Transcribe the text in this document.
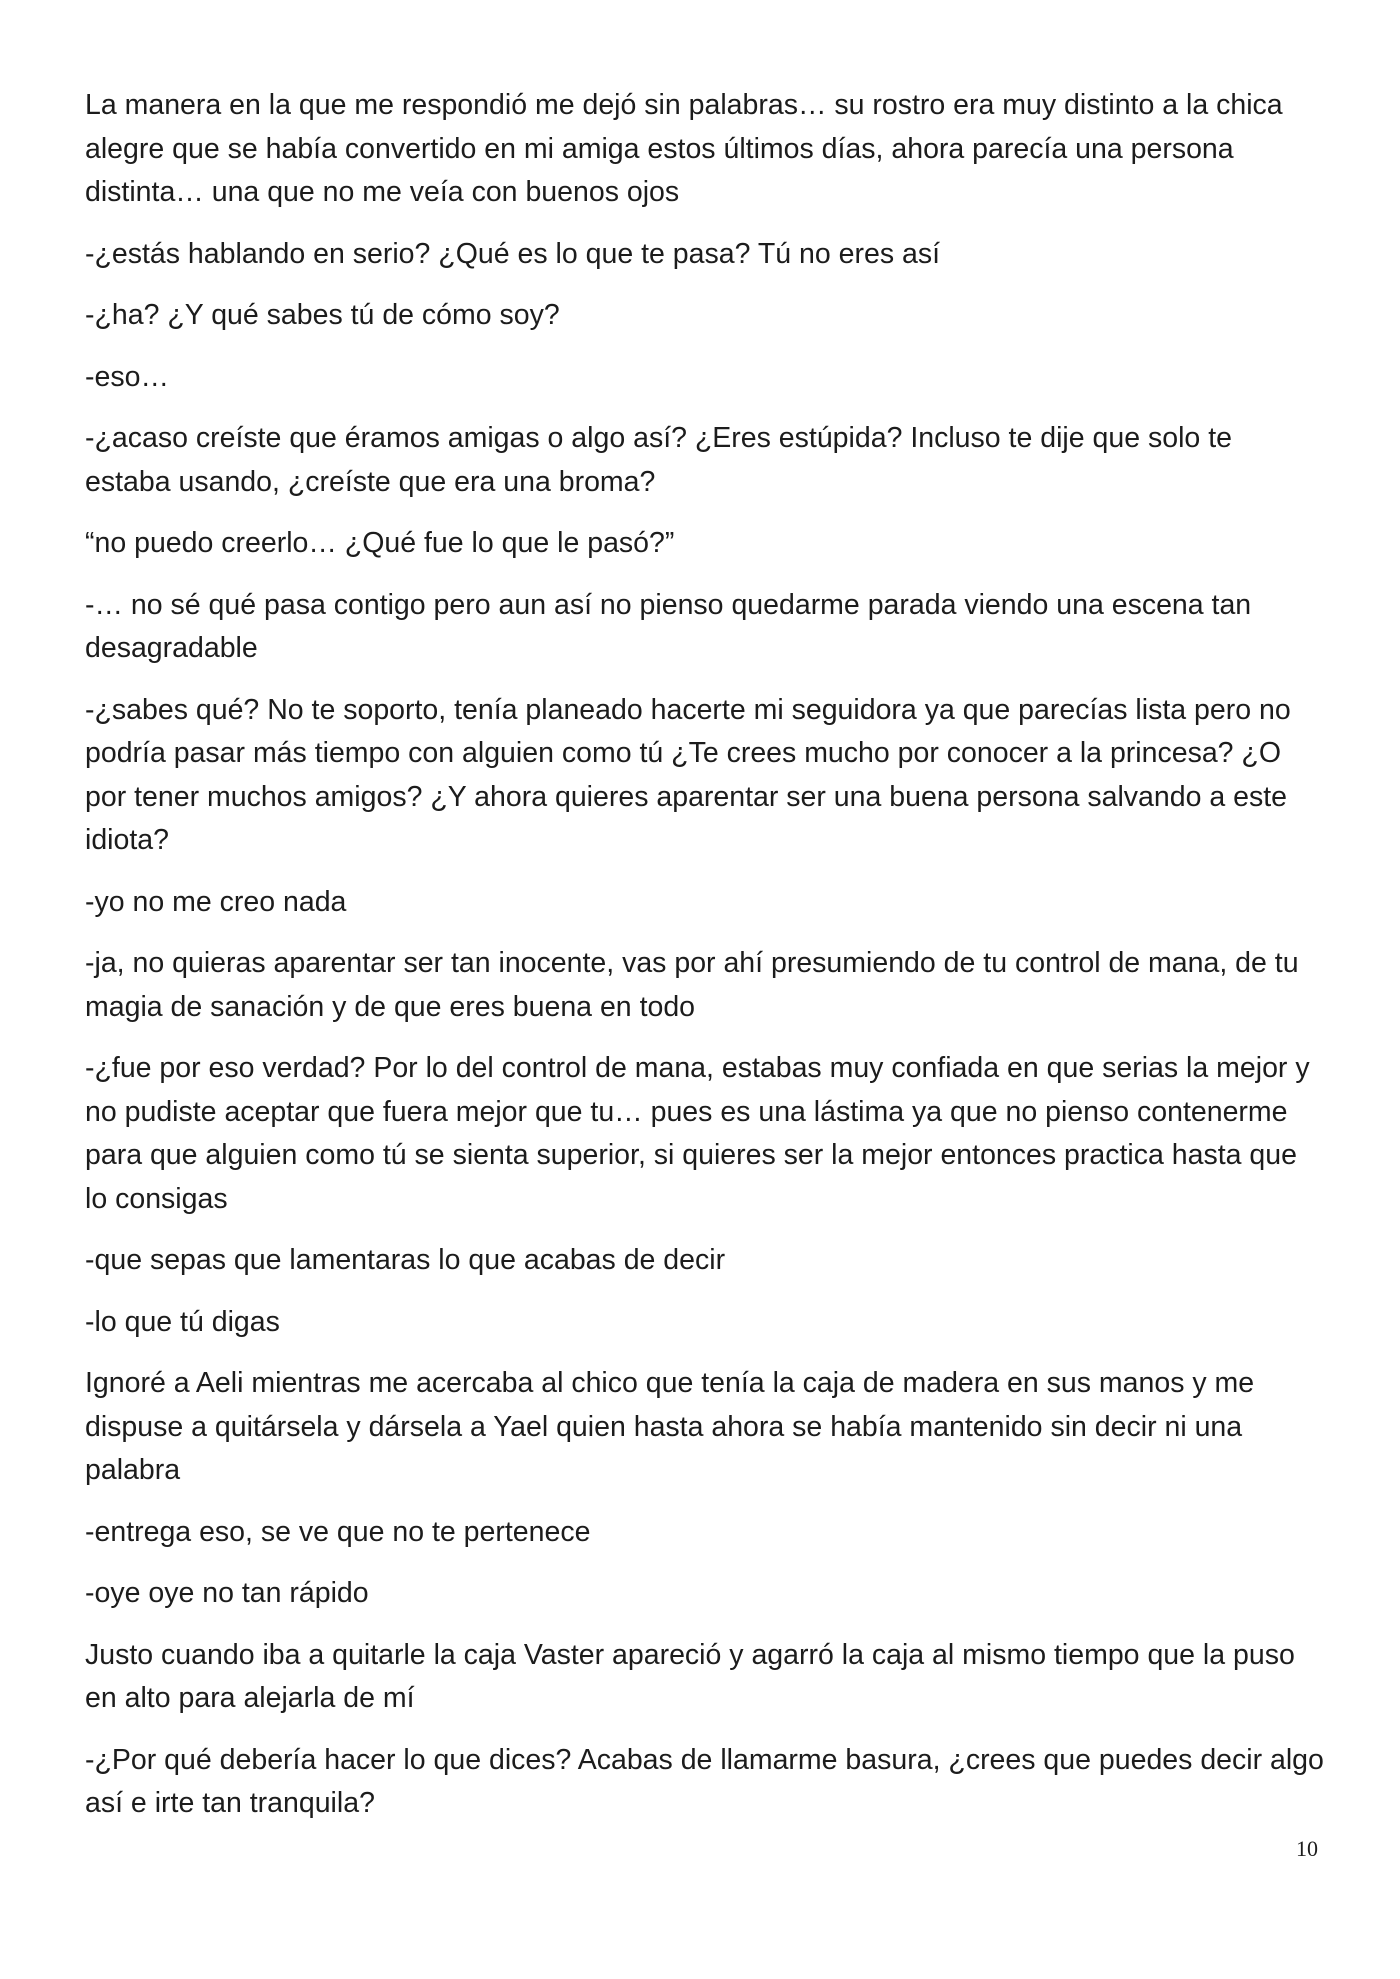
La manera en la que me respondió me dejó sin palabras… su rostro era muy distinto a la chica alegre que se había convertido en mi amiga estos últimos días, ahora parecía una persona distinta… una que no me veía con buenos ojos

-¿estás hablando en serio? ¿Qué es lo que te pasa? Tú no eres así

-¿ha? ¿Y qué sabes tú de cómo soy?

-eso…

-¿acaso creíste que éramos amigas o algo así? ¿Eres estúpida? Incluso te dije que solo te estaba usando, ¿creíste que era una broma?

“no puedo creerlo… ¿Qué fue lo que le pasó?”

-… no sé qué pasa contigo pero aun así no pienso quedarme parada viendo una escena tan desagradable

-¿sabes qué? No te soporto, tenía planeado hacerte mi seguidora ya que parecías lista pero no podría pasar más tiempo con alguien como tú ¿Te crees mucho por conocer a la princesa? ¿O por tener muchos amigos? ¿Y ahora quieres aparentar ser una buena persona salvando a este idiota?

-yo no me creo nada

-ja, no quieras aparentar ser tan inocente, vas por ahí presumiendo de tu control de mana, de tu magia de sanación y de que eres buena en todo

-¿fue por eso verdad? Por lo del control de mana, estabas muy confiada en que serias la mejor y no pudiste aceptar que fuera mejor que tu… pues es una lástima ya que no pienso contenerme para que alguien como tú se sienta superior, si quieres ser la mejor entonces practica hasta que lo consigas

-que sepas que lamentaras lo que acabas de decir

-lo que tú digas

Ignoré a Aeli mientras me acercaba al chico que tenía la caja de madera en sus manos y me dispuse a quitársela y dársela a Yael quien hasta ahora se había mantenido sin decir ni una palabra

-entrega eso, se ve que no te pertenece

-oye oye no tan rápido

Justo cuando iba a quitarle la caja Vaster apareció y agarró la caja al mismo tiempo que la puso en alto para alejarla de mí

-¿Por qué debería hacer lo que dices? Acabas de llamarme basura, ¿crees que puedes decir algo así e irte tan tranquila?

10
